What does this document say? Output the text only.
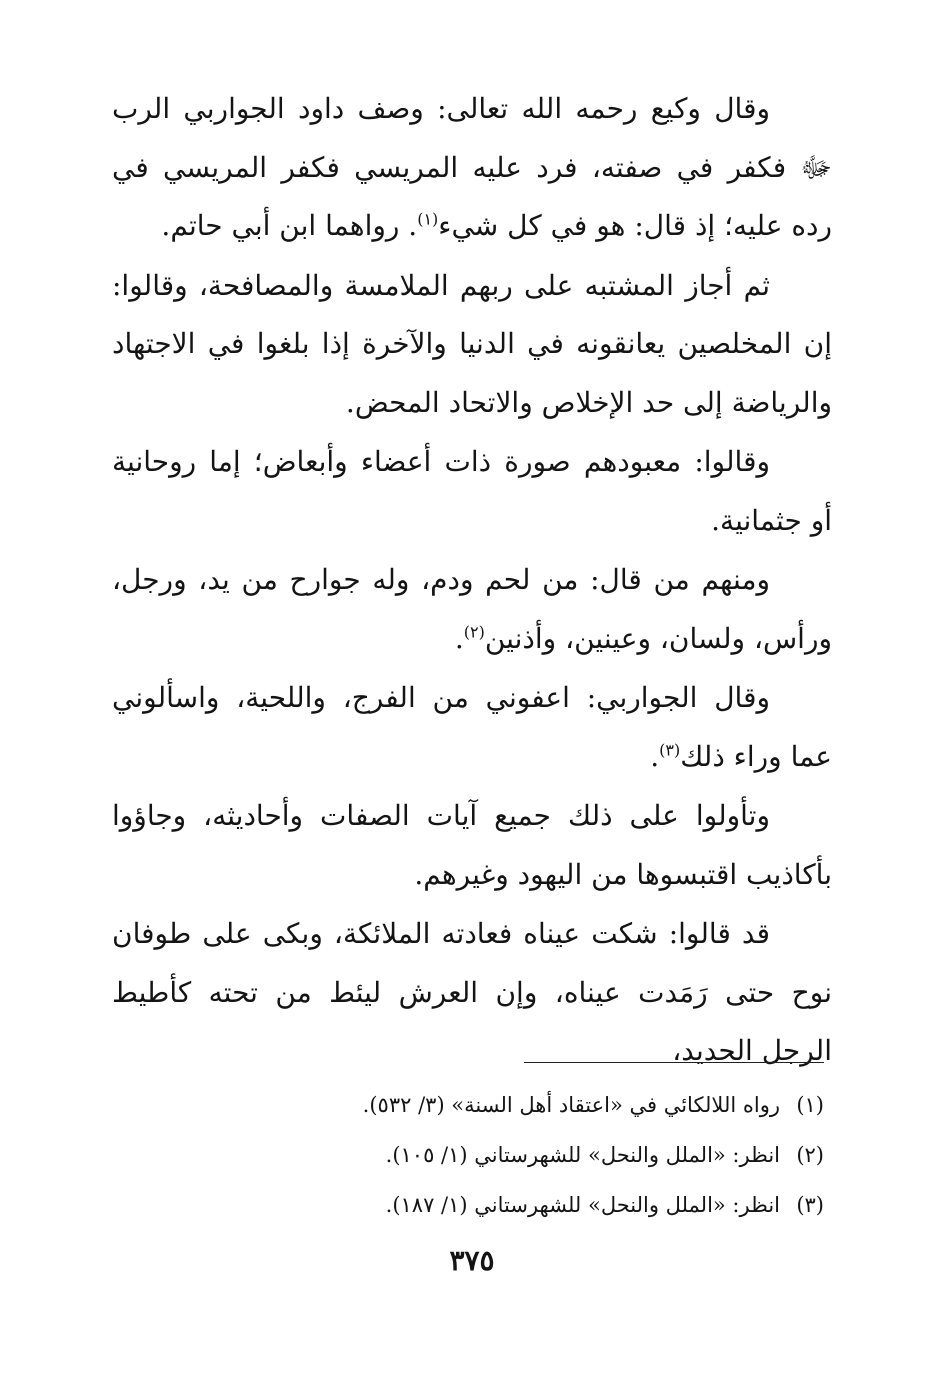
وقال وكيع رحمه الله تعالى: وصف داود الجواربي الرب ﷻ فكفر في صفته، فرد عليه المريسي فكفر المريسي في رده عليه؛ إذ قال: هو في كل شيء$^{(١)}$. رواهما ابن أبي حاتم.

ثم أجاز المشتبه على ربهم الملامسة والمصافحة، وقالوا: إن المخلصين يعانقونه في الدنيا والآخرة إذا بلغوا في الاجتهاد والرياضة إلى حد الإخلاص والاتحاد المحض.

وقالوا: معبودهم صورة ذات أعضاء وأبعاض؛ إما روحانية أو جثمانية.

ومنهم من قال: من لحم ودم، وله جوارح من يد، ورجل، ورأس، ولسان، وعينين، وأذنين$^{(٢)}$.

وقال الجواربي: اعفوني من الفرج، واللحية، واسألوني عما وراء ذلك$^{(٣)}$.

وتأولوا على ذلك جميع آيات الصفات وأحاديثه، وجاؤوا بأكاذيب اقتبسوها من اليهود وغيرهم.

قد قالوا: شكت عيناه فعادته الملائكة، وبكى على طوفان نوح حتى رَمَدت عيناه، وإن العرش ليئط من تحته كأطيط الرجل الحديد،

(١)رواه اللالكائي في «اعتقاد أهل السنة» (٣/ ٥٣٢).

(٢)انظر: «الملل والنحل» للشهرستاني (١/ ١٠٥).

(٣)انظر: «الملل والنحل» للشهرستاني (١/ ١٨٧).

٣٧٥
